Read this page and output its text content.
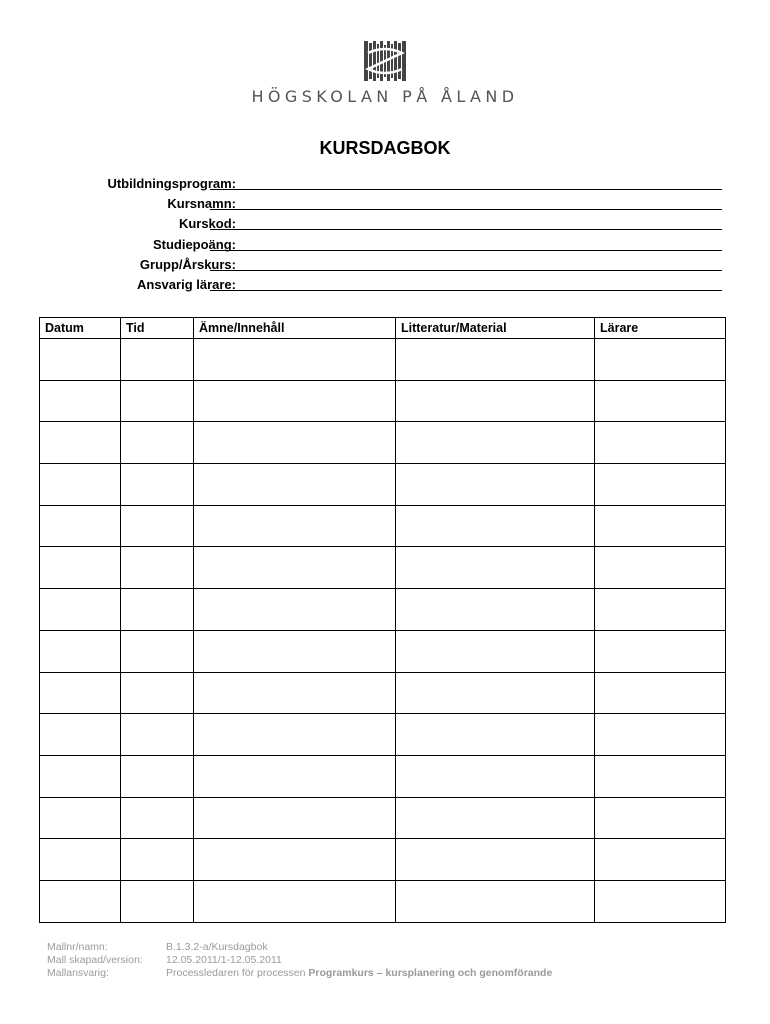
HÖGSKOLAN PÅ ÅLAND
KURSDAGBOK
Utbildningsprogram:
Kursnamn:
Kurskod:
Studiepoäng:
Grupp/Årskurs:
Ansvarig lärare:
Datum	Tid	Ämne/Innehåll	Litteratur/Material	Lärare

Mallnr/namn:	B.1.3.2-a/Kursdagbok
Mall skapad/version:	12.05.2011/1-12.05.2011
Mallansvarig:	Processledaren för processen Programkurs – kursplanering och genomförande
